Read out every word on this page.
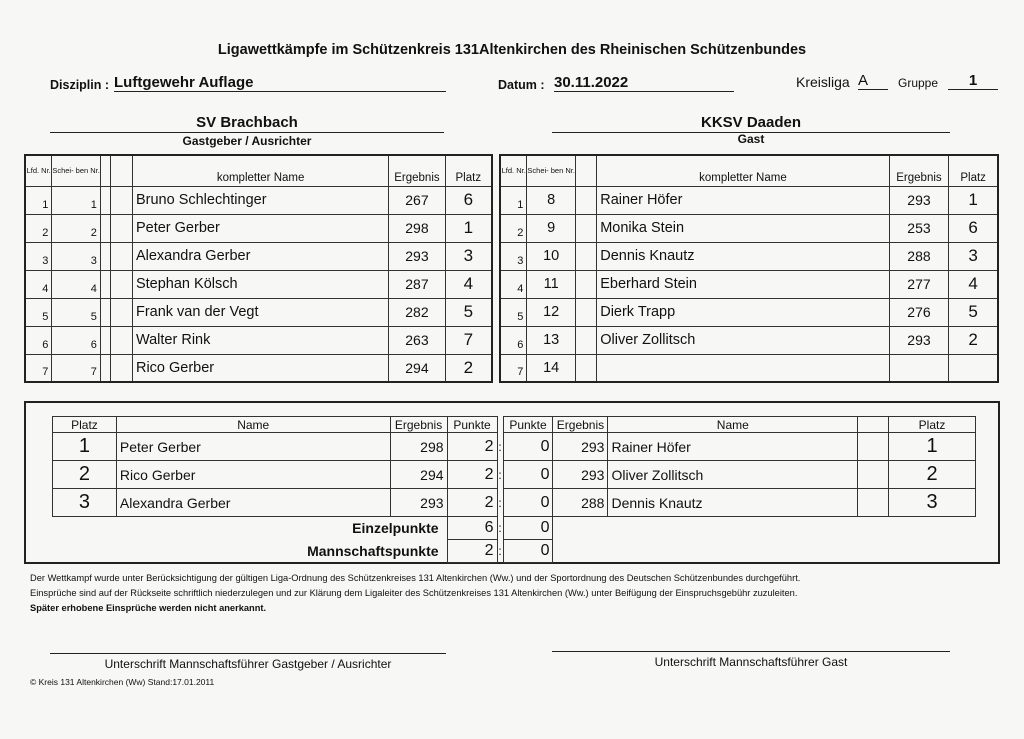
Ligawettkämpfe im Schützenkreis 131Altenkirchen des Rheinischen Schützenbundes
Disziplin : Luftgewehr Auflage	Datum : 30.11.2022	Kreisliga A	Gruppe	1
SV Brachbach
Gastgeber / Ausrichter
KKSV Daaden
Gast
Lfd. Nr.	Schei- ben Nr.			kompletter Name	Ergebnis	Platz
1	1			Bruno Schlechtinger	267	6
2	2			Peter Gerber	298	1
3	3			Alexandra Gerber	293	3
4	4			Stephan Kölsch	287	4
5	5			Frank van der Vegt	282	5
6	6			Walter Rink	263	7
7	7			Rico Gerber	294	2
Lfd. Nr.	Schei- ben Nr.		kompletter Name	Ergebnis	Platz
1	8		Rainer Höfer	293	1
2	9		Monika Stein	253	6
3	10		Dennis Knautz	288	3
4	11		Eberhard Stein	277	4
5	12		Dierk Trapp	276	5
6	13		Oliver Zollitsch	293	2
7	14				
Platz	Name	Ergebnis	Punkte		Punkte	Ergebnis	Name		Platz
1	Peter Gerber	298	2	:	0	293	Rainer Höfer		1
2	Rico Gerber	294	2	:	0	293	Oliver Zollitsch		2
3	Alexandra Gerber	293	2	:	0	288	Dennis Knautz		3
Einzelpunkte			6	:	0				
Mannschaftspunkte			2	:	0				
Der Wettkampf wurde unter Berücksichtigung der gültigen Liga-Ordnung des Schützenkreises 131 Altenkirchen (Ww.) und der Sportordnung des Deutschen Schützenbundes durchgeführt.
Einsprüche sind auf der Rückseite schriftlich niederzulegen und zur Klärung dem Ligaleiter des Schützenkreises 131 Altenkirchen (Ww.) unter Beifügung der Einspruchsgebühr zuzuleiten.
Später erhobene Einsprüche werden nicht anerkannt.
Unterschrift Mannschaftsführer Gastgeber / Ausrichter	Unterschrift Mannschaftsführer Gast
© Kreis 131 Altenkirchen (Ww) Stand:17.01.2011
